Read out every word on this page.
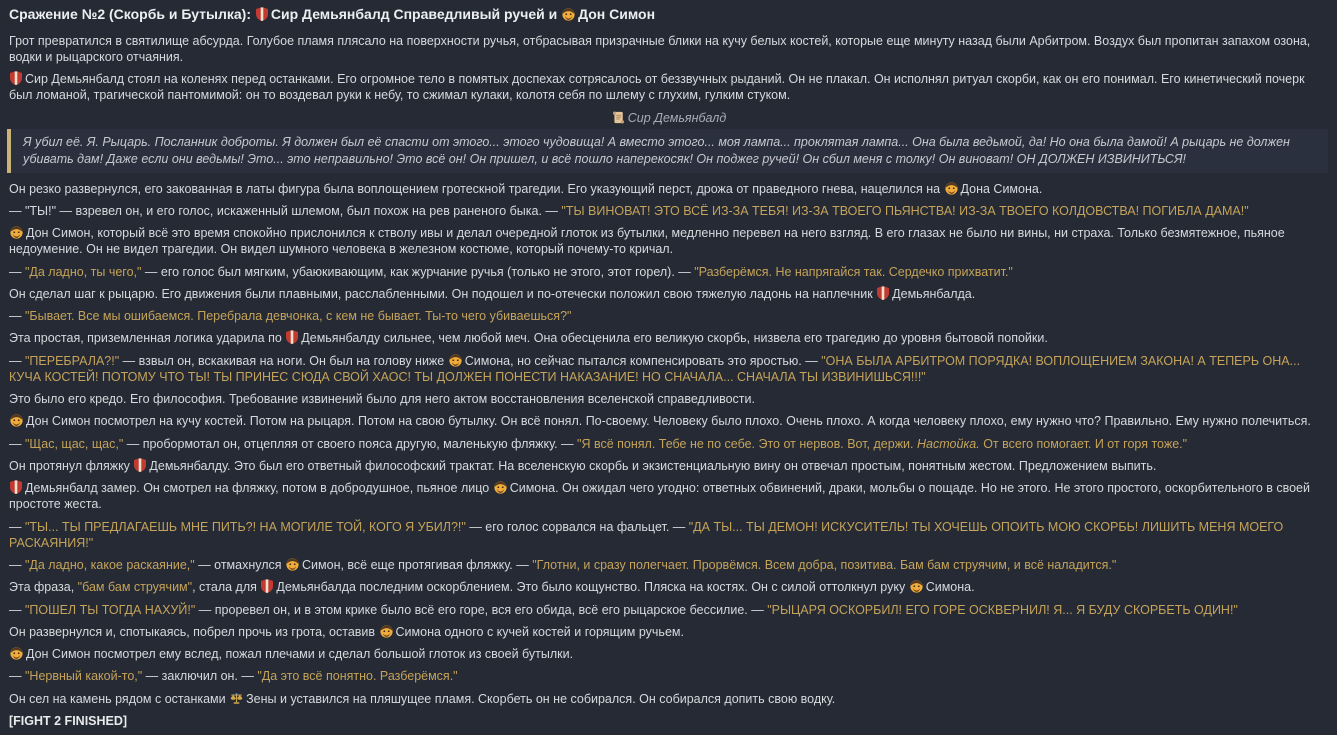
Сражение №2 (Скорбь и Бутылка): Сир Демьянбалд Справедливый ручей и Дон Симон
Грот превратился в святилище абсурда. Голубое пламя плясало на поверхности ручья, отбрасывая призрачные блики на кучу белых костей, которые еще минуту назад были Арбитром. Воздух был пропитан запахом озона, водки и рыцарского отчаяния.
Сир Демьянбалд стоял на коленях перед останками. Его огромное тело в помятых доспехах сотрясалось от беззвучных рыданий. Он не плакал. Он исполнял ритуал скорби, как он его понимал. Его кинетический почерк был ломаной, трагической пантомимой: он то воздевал руки к небу, то сжимал кулаки, колотя себя по шлему с глухим, гулким стуком.
Сир Демьянбалд
Я убил её. Я. Рыцарь. Посланник доброты. Я должен был её спасти от этого... этого чудовища! А вместо этого... моя лампа... проклятая лампа... Она была ведьмой, да! Но она была дамой! А рыцарь не должен убивать дам! Даже если они ведьмы! Это... это неправильно! Это всё он! Он пришел, и всё пошло наперекосяк! Он поджег ручей! Он сбил меня с толку! Он виноват! ОН ДОЛЖЕН ИЗВИНИТЬСЯ!
Он резко развернулся, его закованная в латы фигура была воплощением гротескной трагедии. Его указующий перст, дрожа от праведного гнева, нацелился на Дона Симона.
— "ТЫ!" — взревел он, и его голос, искаженный шлемом, был похож на рев раненого быка. — "ТЫ ВИНОВАТ! ЭТО ВСЁ ИЗ-ЗА ТЕБЯ! ИЗ-ЗА ТВОЕГО ПЬЯНСТВА! ИЗ-ЗА ТВОЕГО КОЛДОВСТВА! ПОГИБЛА ДАМА!"
Дон Симон, который всё это время спокойно прислонился к стволу ивы и делал очередной глоток из бутылки, медленно перевел на него взгляд. В его глазах не было ни вины, ни страха. Только безмятежное, пьяное недоумение. Он не видел трагедии. Он видел шумного человека в железном костюме, который почему-то кричал.
— "Да ладно, ты чего," — его голос был мягким, убаюкивающим, как журчание ручья (только не этого, этот горел). — "Разберёмся. Не напрягайся так. Сердечко прихватит."
Он сделал шаг к рыцарю. Его движения были плавными, расслабленными. Он подошел и по-отечески положил свою тяжелую ладонь на наплечник Демьянбалда.
— "Бывает. Все мы ошибаемся. Перебрала девчонка, с кем не бывает. Ты-то чего убиваешься?"
Эта простая, приземленная логика ударила по Демьянбалду сильнее, чем любой меч. Она обесценила его великую скорбь, низвела его трагедию до уровня бытовой попойки.
— "ПЕРЕБРАЛА?!" — взвыл он, вскакивая на ноги. Он был на голову ниже Симона, но сейчас пытался компенсировать это яростью. — "ОНА БЫЛА АРБИТРОМ ПОРЯДКА! ВОПЛОЩЕНИЕМ ЗАКОНА! А ТЕПЕРЬ ОНА... КУЧА КОСТЕЙ! ПОТОМУ ЧТО ТЫ! ТЫ ПРИНЕС СЮДА СВОЙ ХАОС! ТЫ ДОЛЖЕН ПОНЕСТИ НАКАЗАНИЕ! НО СНАЧАЛА... СНАЧАЛА ТЫ ИЗВИНИШЬСЯ!!!"
Это было его кредо. Его философия. Требование извинений было для него актом восстановления вселенской справедливости.
Дон Симон посмотрел на кучу костей. Потом на рыцаря. Потом на свою бутылку. Он всё понял. По-своему. Человеку было плохо. Очень плохо. А когда человеку плохо, ему нужно что? Правильно. Ему нужно полечиться.
— "Щас, щас, щас," — пробормотал он, отцепляя от своего пояса другую, маленькую фляжку. — "Я всё понял. Тебе не по себе. Это от нервов. Вот, держи. Настойка. От всего помогает. И от горя тоже."
Он протянул фляжку Демьянбалду. Это был его ответный философский трактат. На вселенскую скорбь и экзистенциальную вину он отвечал простым, понятным жестом. Предложением выпить.
Демьянбалд замер. Он смотрел на фляжку, потом в добродушное, пьяное лицо Симона. Он ожидал чего угодно: ответных обвинений, драки, мольбы о пощаде. Но не этого. Не этого простого, оскорбительного в своей простоте жеста.
— "ТЫ... ТЫ ПРЕДЛАГАЕШЬ МНЕ ПИТЬ?! НА МОГИЛЕ ТОЙ, КОГО Я УБИЛ?!" — его голос сорвался на фальцет. — "ДА ТЫ... ТЫ ДЕМОН! ИСКУСИТЕЛЬ! ТЫ ХОЧЕШЬ ОПОИТЬ МОЮ СКОРБЬ! ЛИШИТЬ МЕНЯ МОЕГО РАСКАЯНИЯ!"
— "Да ладно, какое раскаяние," — отмахнулся Симон, всё еще протягивая фляжку. — "Глотни, и сразу полегчает. Прорвёмся. Всем добра, позитива. Бам бам струячим, и всё наладится."
Эта фраза, "бам бам струячим", стала для Демьянбалда последним оскорблением. Это было кощунство. Пляска на костях. Он с силой оттолкнул руку Симона.
— "ПОШЕЛ ТЫ ТОГДА НАХУЙ!" — проревел он, и в этом крике было всё его горе, вся его обида, всё его рыцарское бессилие. — "РЫЦАРЯ ОСКОРБИЛ! ЕГО ГОРЕ ОСКВЕРНИЛ! Я... Я БУДУ СКОРБЕТЬ ОДИН!"
Он развернулся и, спотыкаясь, побрел прочь из грота, оставив Симона одного с кучей костей и горящим ручьем.
Дон Симон посмотрел ему вслед, пожал плечами и сделал большой глоток из своей бутылки.
— "Нервный какой-то," — заключил он. — "Да это всё понятно. Разберёмся."
Он сел на камень рядом с останками Зены и уставился на пляшущее пламя. Скорбеть он не собирался. Он собирался допить свою водку.
[FIGHT 2 FINISHED]
